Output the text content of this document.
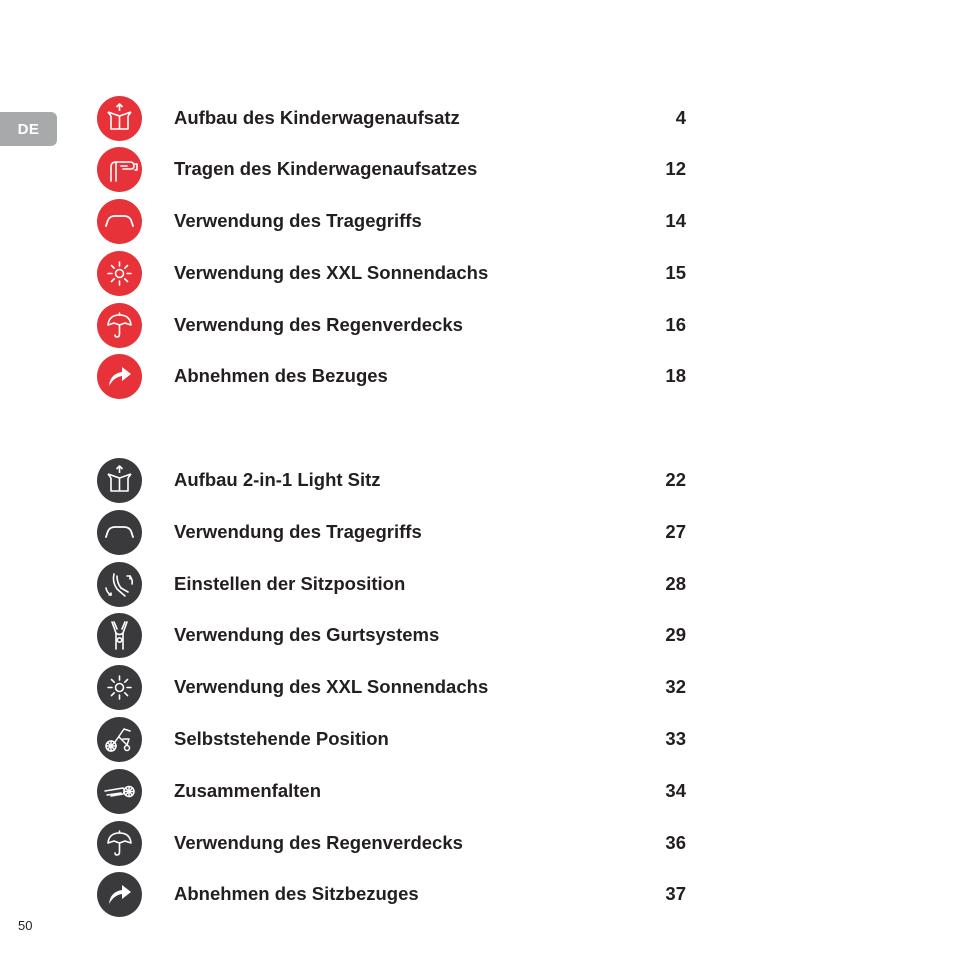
DE
Aufbau des Kinderwagenaufsatz	4
Tragen des Kinderwagenaufsatzes	12
Verwendung des Tragegriffs	14
Verwendung des XXL Sonnendachs	15
Verwendung des Regenverdecks	16
Abnehmen des Bezuges	18
Aufbau 2-in-1 Light Sitz	22
Verwendung des Tragegriffs	27
Einstellen der Sitzposition	28
Verwendung des Gurtsystems	29
Verwendung des XXL Sonnendachs	32
Selbststehende Position	33
Zusammenfalten	34
Verwendung des Regenverdecks	36
Abnehmen des Sitzbezuges	37
50
